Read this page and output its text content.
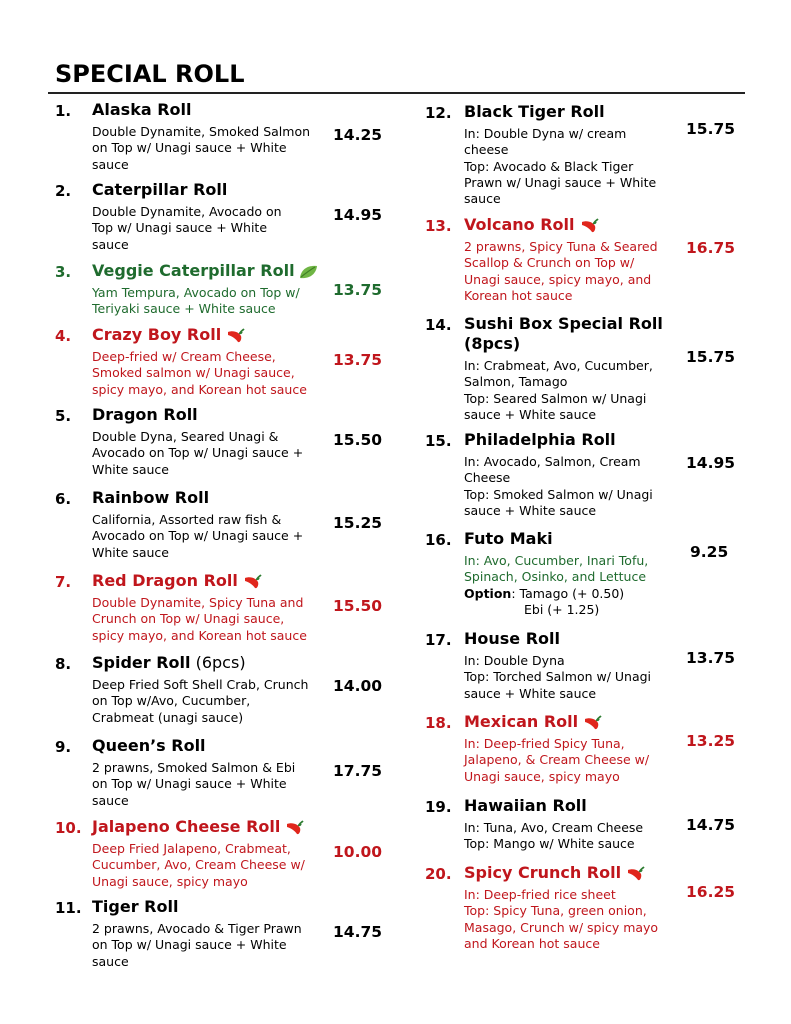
SPECIAL ROLL
1. Alaska Roll
Double Dynamite, Smoked Salmon
on Top w/ Unagi sauce + White
sauce
14.25
2. Caterpillar Roll
Double Dynamite, Avocado on
Top w/ Unagi sauce + White
sauce
14.95
3. Veggie Caterpillar Roll
Yam Tempura, Avocado on Top w/
Teriyaki sauce + White sauce
13.75
4. Crazy Boy Roll
Deep-fried w/ Cream Cheese,
Smoked salmon w/ Unagi sauce,
spicy mayo, and Korean hot sauce
13.75
5. Dragon Roll
Double Dyna, Seared Unagi &
Avocado on Top w/ Unagi sauce +
White sauce
15.50
6. Rainbow Roll
California, Assorted raw fish &
Avocado on Top w/ Unagi sauce +
White sauce
15.25
7. Red Dragon Roll
Double Dynamite, Spicy Tuna and
Crunch on Top w/ Unagi sauce,
spicy mayo, and Korean hot sauce
15.50
8. Spider Roll (6pcs)
Deep Fried Soft Shell Crab, Crunch
on Top w/Avo, Cucumber,
Crabmeat (unagi sauce)
14.00
9. Queen’s Roll
2 prawns, Smoked Salmon & Ebi
on Top w/ Unagi sauce + White
sauce
17.75
10. Jalapeno Cheese Roll
Deep Fried Jalapeno, Crabmeat,
Cucumber, Avo, Cream Cheese w/
Unagi sauce, spicy mayo
10.00
11. Tiger Roll
2 prawns, Avocado & Tiger Prawn
on Top w/ Unagi sauce + White
sauce
14.75
12. Black Tiger Roll
In: Double Dyna w/ cream
cheese
Top: Avocado & Black Tiger
Prawn w/ Unagi sauce + White
sauce
15.75
13. Volcano Roll
2 prawns, Spicy Tuna & Seared
Scallop & Crunch on Top w/
Unagi sauce, spicy mayo, and
Korean hot sauce
16.75
14. Sushi Box Special Roll
(8pcs)
In: Crabmeat, Avo, Cucumber,
Salmon, Tamago
Top: Seared Salmon w/ Unagi
sauce + White sauce
15.75
15. Philadelphia Roll
In: Avocado, Salmon, Cream
Cheese
Top: Smoked Salmon w/ Unagi
sauce + White sauce
14.95
16. Futo Maki
In: Avo, Cucumber, Inari Tofu,
Spinach, Osinko, and Lettuce
Option: Tamago (+ 0.50)
Ebi (+ 1.25)
9.25
17. House Roll
In: Double Dyna
Top: Torched Salmon w/ Unagi
sauce + White sauce
13.75
18. Mexican Roll
In: Deep-fried Spicy Tuna,
Jalapeno, & Cream Cheese w/
Unagi sauce, spicy mayo
13.25
19. Hawaiian Roll
In: Tuna, Avo, Cream Cheese
Top: Mango w/ White sauce
14.75
20. Spicy Crunch Roll
In: Deep-fried rice sheet
Top: Spicy Tuna, green onion,
Masago, Crunch w/ spicy mayo
and Korean hot sauce
16.25
